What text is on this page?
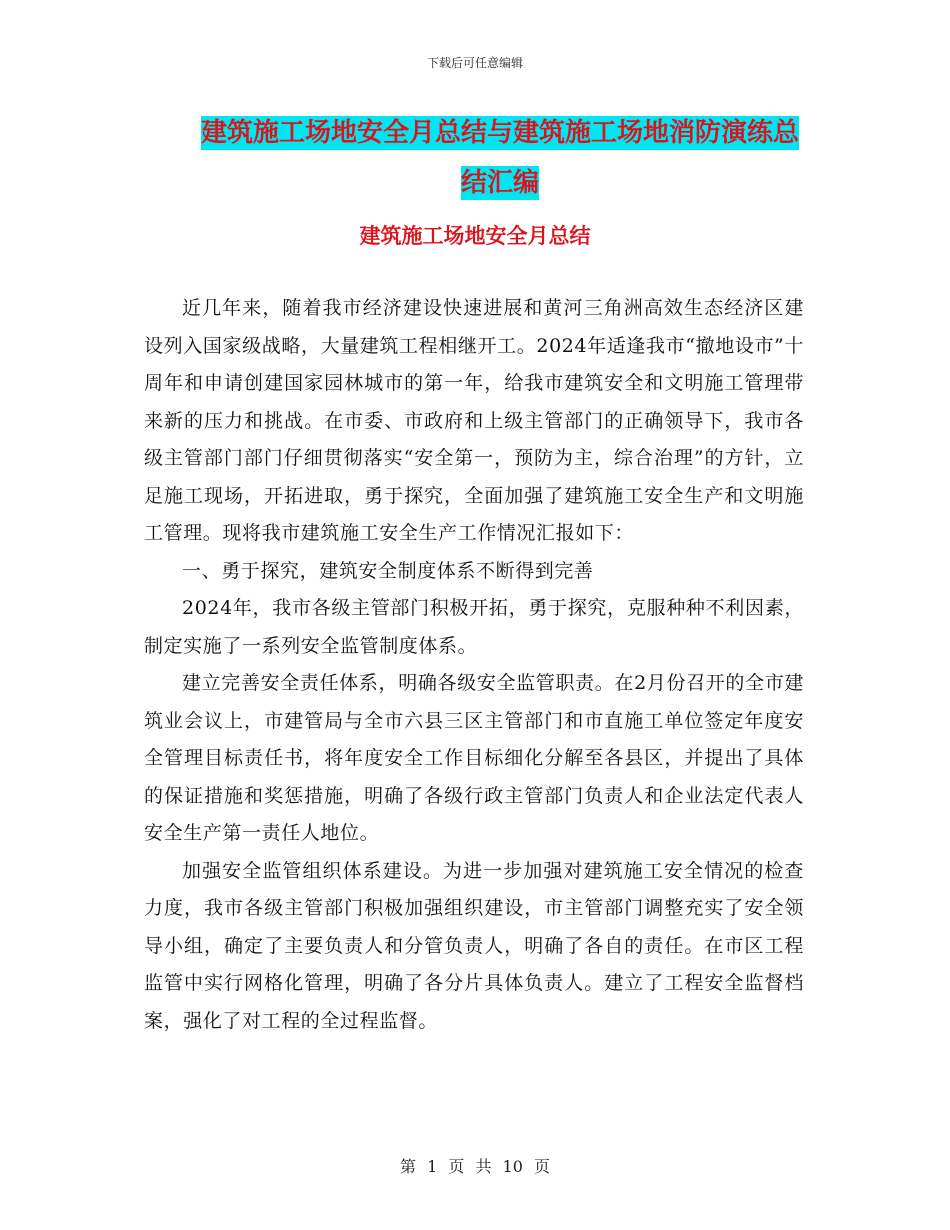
下载后可任意编辑
建筑施工场地安全月总结与建筑施工场地消防演练总
结汇编
建筑施工场地安全月总结

近几年来，随着我市经济建设快速进展和黄河三角洲高效生态经济区建设列入国家级战略，大量建筑工程相继开工。2024年适逢我市“撤地设市”十周年和申请创建国家园林城市的第一年，给我市建筑安全和文明施工管理带来新的压力和挑战。在市委、市政府和上级主管部门的正确领导下，我市各级主管部门部门仔细贯彻落实“安全第一，预防为主，综合治理”的方针，立足施工现场，开拓进取，勇于探究，全面加强了建筑施工安全生产和文明施工管理。现将我市建筑施工安全生产工作情况汇报如下：

一、勇于探究，建筑安全制度体系不断得到完善

2024年，我市各级主管部门积极开拓，勇于探究，克服种种不利因素，制定实施了一系列安全监管制度体系。

建立完善安全责任体系，明确各级安全监管职责。在2月份召开的全市建筑业会议上，市建管局与全市六县三区主管部门和市直施工单位签定年度安全管理目标责任书，将年度安全工作目标细化分解至各县区，并提出了具体的保证措施和奖惩措施，明确了各级行政主管部门负责人和企业法定代表人安全生产第一责任人地位。

加强安全监管组织体系建设。为进一步加强对建筑施工安全情况的检查力度，我市各级主管部门积极加强组织建设，市主管部门调整充实了安全领导小组，确定了主要负责人和分管负责人，明确了各自的责任。在市区工程监管中实行网格化管理，明确了各分片具体负责人。建立了工程安全监督档案，强化了对工程的全过程监督。

第 1 页 共 10 页
